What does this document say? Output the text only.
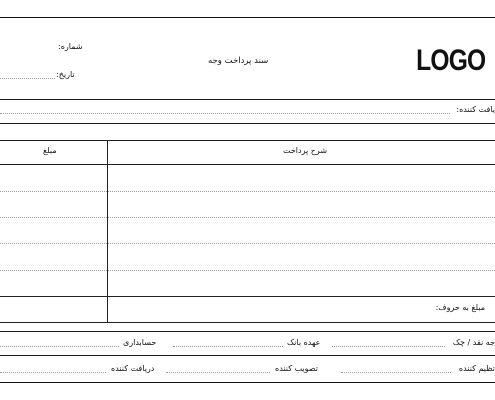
LOGO
سند پرداخت وجه
شماره:
تاریخ:
یافت کننده:
شرح پرداخت
مبلغ
مبلغ به حروف:
جه نقد / چک
عهده بانک
حسابداری
تظیم کننده
تصویب کننده
دریافت کننده
